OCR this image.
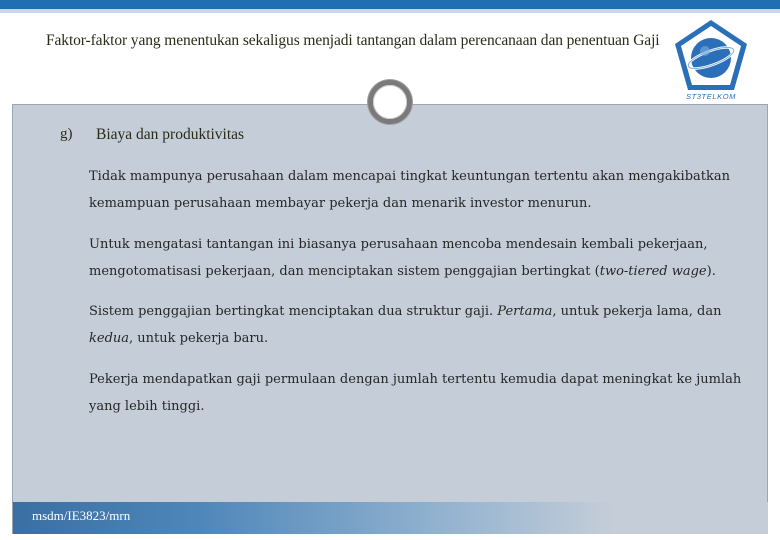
Faktor-faktor yang menentukan sekaligus menjadi tantangan dalam perencanaan dan penentuan Gaji
ST3TELKOM
g) Biaya dan produktivitas
Tidak mampunya perusahaan dalam mencapai tingkat keuntungan tertentu akan mengakibatkan kemampuan perusahaan membayar pekerja dan menarik investor menurun.
Untuk mengatasi tantangan ini biasanya perusahaan mencoba mendesain kembali pekerjaan, mengotomatisasi pekerjaan, dan menciptakan sistem penggajian bertingkat (two-tiered wage).
Sistem penggajian bertingkat menciptakan dua struktur gaji. Pertama, untuk pekerja lama, dan kedua, untuk pekerja baru.
Pekerja mendapatkan gaji permulaan dengan jumlah tertentu kemudia dapat meningkat ke jumlah yang lebih tinggi.
msdm/IE3823/mrn
